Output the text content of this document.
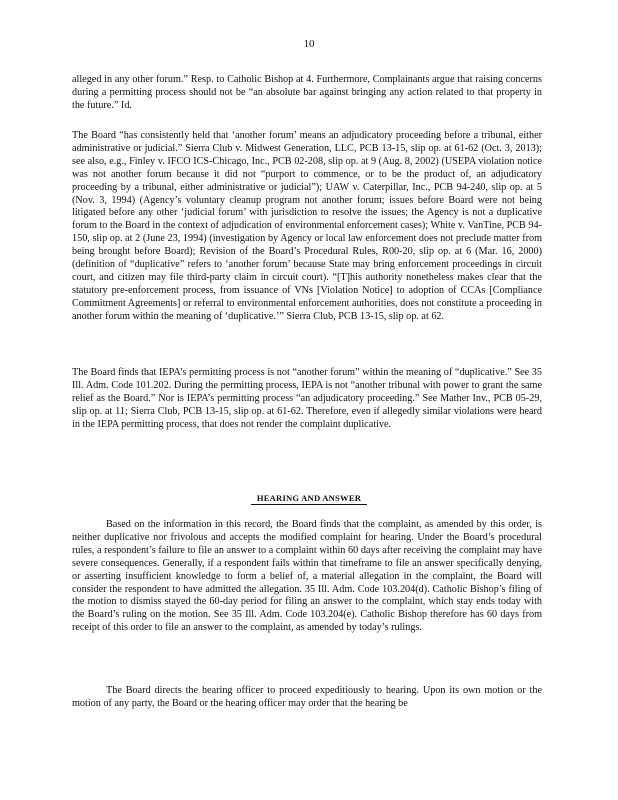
10

alleged in any other forum.” Resp. to Catholic Bishop at 4. Furthermore, Complainants argue that raising concerns during a permitting process should not be “an absolute bar against bringing any action related to that property in the future.” Id.

The Board “has consistently held that ‘another forum’ means an adjudicatory proceeding before a tribunal, either administrative or judicial.” Sierra Club v. Midwest Generation, LLC, PCB 13-15, slip op. at 61-62 (Oct. 3, 2013); see also, e.g., Finley v. IFCO ICS-Chicago, Inc., PCB 02-208, slip op. at 9 (Aug. 8, 2002) (USEPA violation notice was not another forum because it did not “purport to commence, or to be the product of, an adjudicatory proceeding by a tribunal, either administrative or judicial”); UAW v. Caterpillar, Inc., PCB 94-240, slip op. at 5 (Nov. 3, 1994) (Agency’s voluntary cleanup program not another forum; issues before Board were not being litigated before any other ‘judicial forum’ with jurisdiction to resolve the issues; the Agency is not a duplicative forum to the Board in the context of adjudication of environmental enforcement cases); White v. VanTine, PCB 94-150, slip op. at 2 (June 23, 1994) (investigation by Agency or local law enforcement does not preclude matter from being brought before Board); Revision of the Board’s Procedural Rules, R00-20, slip op. at 6 (Mar. 16, 2000) (definition of “duplicative” refers to ‘another forum’ because State may bring enforcement proceedings in circuit court, and citizen may file third-party claim in circuit court). “[T]his authority nonetheless makes clear that the statutory pre-enforcement process, from issuance of VNs [Violation Notice] to adoption of CCAs [Compliance Commitment Agreements] or referral to environmental enforcement authorities, does not constitute a proceeding in another forum within the meaning of ‘duplicative.’” Sierra Club, PCB 13-15, slip op. at 62.

The Board finds that IEPA’s permitting process is not “another forum” within the meaning of “duplicative.” See 35 Ill. Adm. Code 101.202. During the permitting process, IEPA is not “another tribunal with power to grant the same relief as the Board.” Nor is IEPA’s permitting process “an adjudicatory proceeding.” See Mather Inv., PCB 05-29, slip op. at 11; Sierra Club, PCB 13-15, slip op. at 61-62. Therefore, even if allegedly similar violations were heard in the IEPA permitting process, that does not render the complaint duplicative.

HEARING AND ANSWER

Based on the information in this record, the Board finds that the complaint, as amended by this order, is neither duplicative nor frivolous and accepts the modified complaint for hearing. Under the Board’s procedural rules, a respondent’s failure to file an answer to a complaint within 60 days after receiving the complaint may have severe consequences. Generally, if a respondent fails within that timeframe to file an answer specifically denying, or asserting insufficient knowledge to form a belief of, a material allegation in the complaint, the Board will consider the respondent to have admitted the allegation. 35 Ill. Adm. Code 103.204(d). Catholic Bishop’s filing of the motion to dismiss stayed the 60-day period for filing an answer to the complaint, which stay ends today with the Board’s ruling on the motion. See 35 Ill. Adm. Code 103.204(e). Catholic Bishop therefore has 60 days from receipt of this order to file an answer to the complaint, as amended by today’s rulings.

The Board directs the hearing officer to proceed expeditiously to hearing. Upon its own motion or the motion of any party, the Board or the hearing officer may order that the hearing be
